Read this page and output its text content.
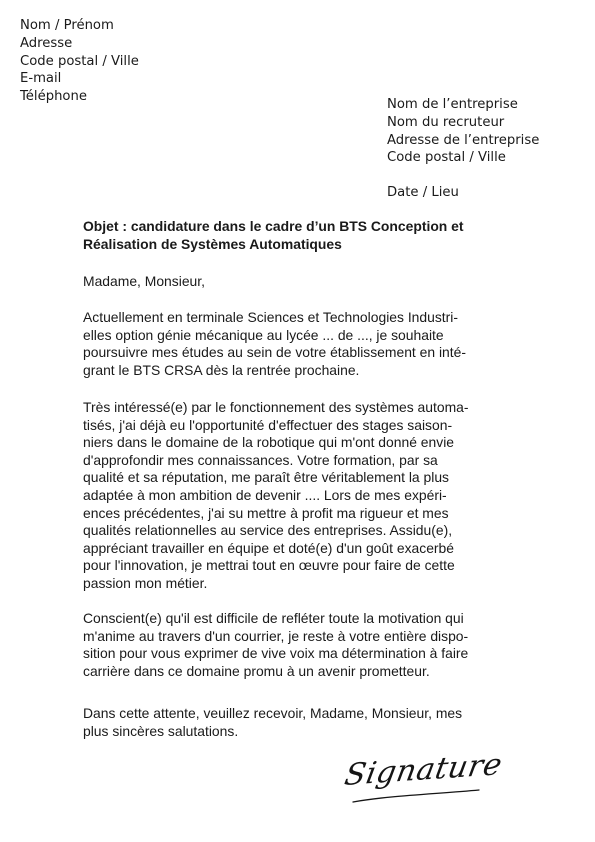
Nom / Prénom
Adresse
Code postal / Ville
E-mail
Téléphone
Nom de l’entreprise
Nom du recruteur
Adresse de l’entreprise
Code postal / Ville
Date / Lieu
Objet : candidature dans le cadre d’un BTS Conception et
Réalisation de Systèmes Automatiques
Madame, Monsieur,
Actuellement en terminale Sciences et Technologies Industri-
elles option génie mécanique au lycée ... de ..., je souhaite
poursuivre mes études au sein de votre établissement en inté-
grant le BTS CRSA dès la rentrée prochaine.
Très intéressé(e) par le fonctionnement des systèmes automa-
tisés, j'ai déjà eu l'opportunité d'effectuer des stages saison-
niers dans le domaine de la robotique qui m'ont donné envie
d'approfondir mes connaissances. Votre formation, par sa
qualité et sa réputation, me paraît être véritablement la plus
adaptée à mon ambition de devenir .... Lors de mes expéri-
ences précédentes, j'ai su mettre à profit ma rigueur et mes
qualités relationnelles au service des entreprises. Assidu(e),
appréciant travailler en équipe et doté(e) d'un goût exacerbé
pour l'innovation, je mettrai tout en œuvre pour faire de cette
passion mon métier.
Conscient(e) qu'il est difficile de refléter toute la motivation qui
m'anime au travers d'un courrier, je reste à votre entière dispo-
sition pour vous exprimer de vive voix ma détermination à faire
carrière dans ce domaine promu à un avenir prometteur.
Dans cette attente, veuillez recevoir, Madame, Monsieur, mes
plus sincères salutations.
Signature
